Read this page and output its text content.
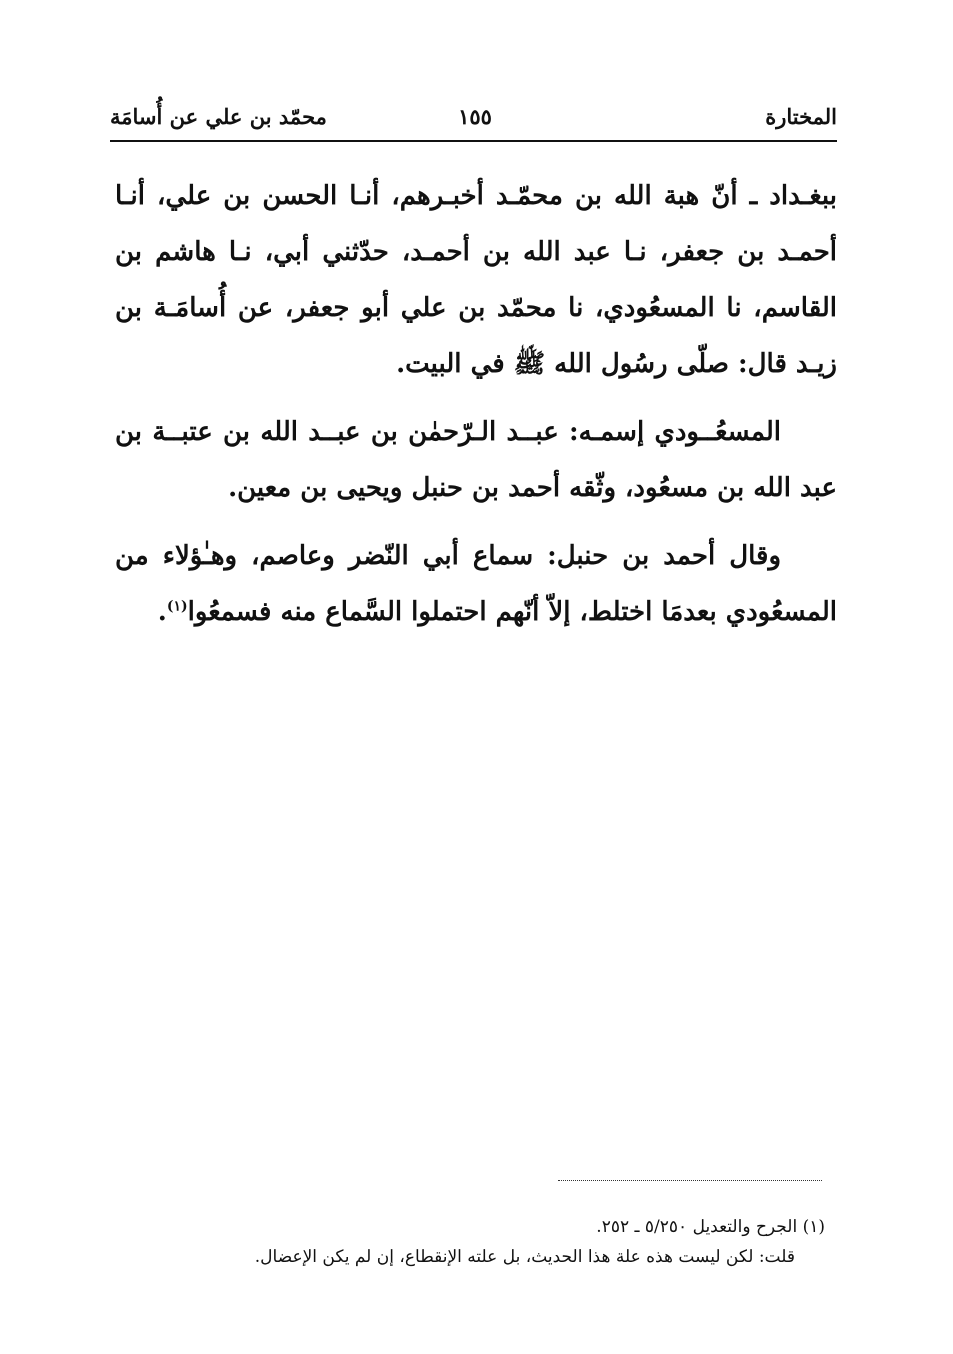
المختارة
١٥٥
محمّد بن علي عن أُسامَة

ببغـداد ـ أنّ هبة الله بن محمّـد أخبـرهم، أنـا الحسن بن علي، أنـا أحمـد بن جعفر، نـا عبد الله بن أحمـد، حدّثني أبي، نـا هاشم بن القاسم، نا المسعُودي، نا محمّد بن علي أبو جعفر، عن أُسامَـة بن زيـد قال: صلّى رسُول الله ﷺ في البيت.

المسعُــودي إسمـه: عبــد الـرّحمٰن بن عبــد الله بن عتبــة بن عبد الله بن مسعُود، وثّقه أحمد بن حنبل ويحيى بن معين.

وقال أحمد بن حنبل: سماع أبي النّضر وعاصم، وهـٰؤلاء من المسعُودي بعدمَا اختلط، إلاّ أنّهم احتملوا السَّماع منه فسمعُوا$^{(١)}$.

(١) الجرح والتعديل ٥/٢٥٠ ـ ٢٥٢.

قلت: لكن ليست هذه علة هذا الحديث، بل علته الإنقطاع، إن لم يكن الإعضال.
